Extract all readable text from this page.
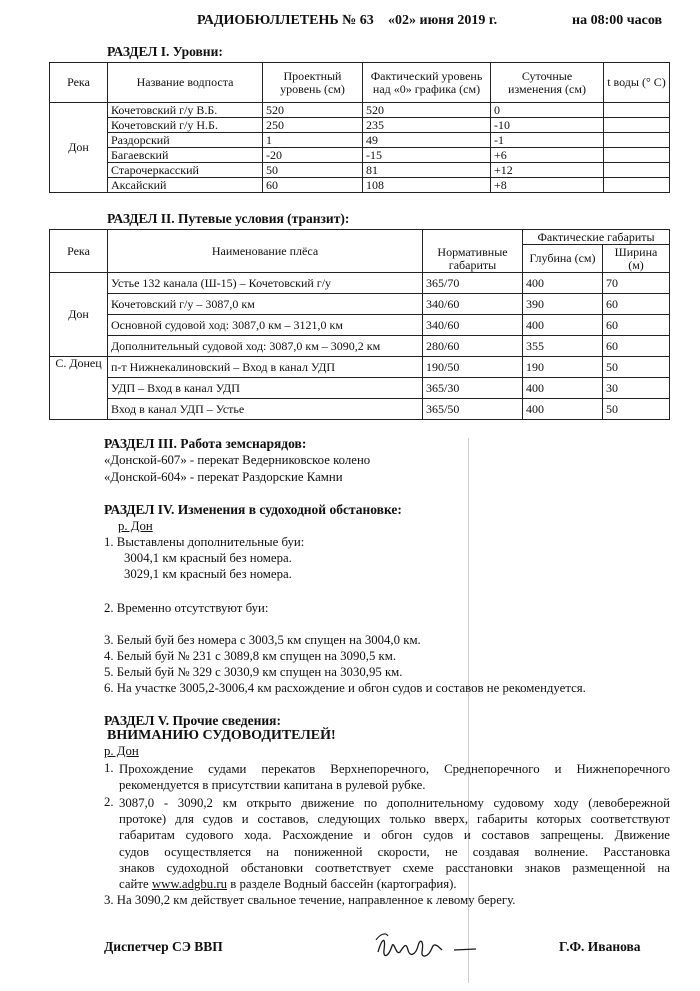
РАДИОБЮЛЛЕТЕНЬ № 63 «02» июня 2019 г.	на 08:00 часов
РАЗДЕЛ I. Уровни:
Река	Название водпоста	Проектный уровень (см)	Фактический уровень над «0» графика (см)	Суточные изменения (см)	t воды (° C)
Дон	Кочетовский г/у В.Б.	520	520	0	
	Кочетовский г/у Н.Б.	250	235	-10	
	Раздорский	1	49	-1	
	Багаевский	-20	-15	+6	
	Старочеркасский	50	81	+12	
	Аксайский	60	108	+8	
РАЗДЕЛ II. Путевые условия (транзит):
Река	Наименование плёса	Нормативные габариты	Фактические габариты	
			Глубина (см)	Ширина (м)
Дон	Устье 132 канала (Ш-15) – Кочетовский г/у	365/70	400	70
	Кочетовский г/у – 3087,0 км	340/60	390	60
	Основной судовой ход: 3087,0 км – 3121,0 км	340/60	400	60
	Дополнительный судовой ход: 3087,0 км – 3090,2 км	280/60	355	60
С. Донец	п-т Нижнекалиновский – Вход в канал УДП	190/50	190	50
	УДП – Вход в канал УДП	365/30	400	30
	Вход в канал УДП – Устье	365/50	400	50
РАЗДЕЛ III. Работа земснарядов:

«Донской-607» - перекат Ведерниковское колено

«Донской-604» - перекат Раздорские Камни

РАЗДЕЛ IV. Изменения в судоходной обстановке:

р. Дон

1. Выставлены дополнительные буи:

3004,1 км красный без номера.

3029,1 км красный без номера.

2. Временно отсутствуют буи:

3. Белый буй без номера с 3003,5 км спущен на 3004,0 км.

4. Белый буй № 231 с 3089,8 км спущен на 3090,5 км.

5. Белый буй № 329 с 3030,9 км спущен на 3030,95 км.

6. На участке 3005,2-3006,4 км расхождение и обгон судов и составов не рекомендуется.

РАЗДЕЛ V. Прочие сведения:
ВНИМАНИЮ СУДОВОДИТЕЛЕЙ!

р. Дон

1. Прохождение судами перекатов Верхнепоречного, Среднепоречного и Нижнепоречного
рекомендуется в присутствии капитана в рулевой рубке.

2. 3087,0 - 3090,2 км открыто движение по дополнительному судовому ходу (левобережной
протоке) для судов и составов, следующих только вверх, габариты которых соответствуют
габаритам судового хода. Расхождение и обгон судов и составов запрещены. Движение
судов осуществляется на пониженной скорости, не создавая волнение. Расстановка
знаков судоходной обстановки соответствует схеме расстановки знаков размещенной на
сайте www.adgbu.ru в разделе Водный бассейн (картография).

3. На 3090,2 км действует свальное течение, направленное к левому берегу.

Диспетчер СЭ ВВП	Г.Ф. Иванова
